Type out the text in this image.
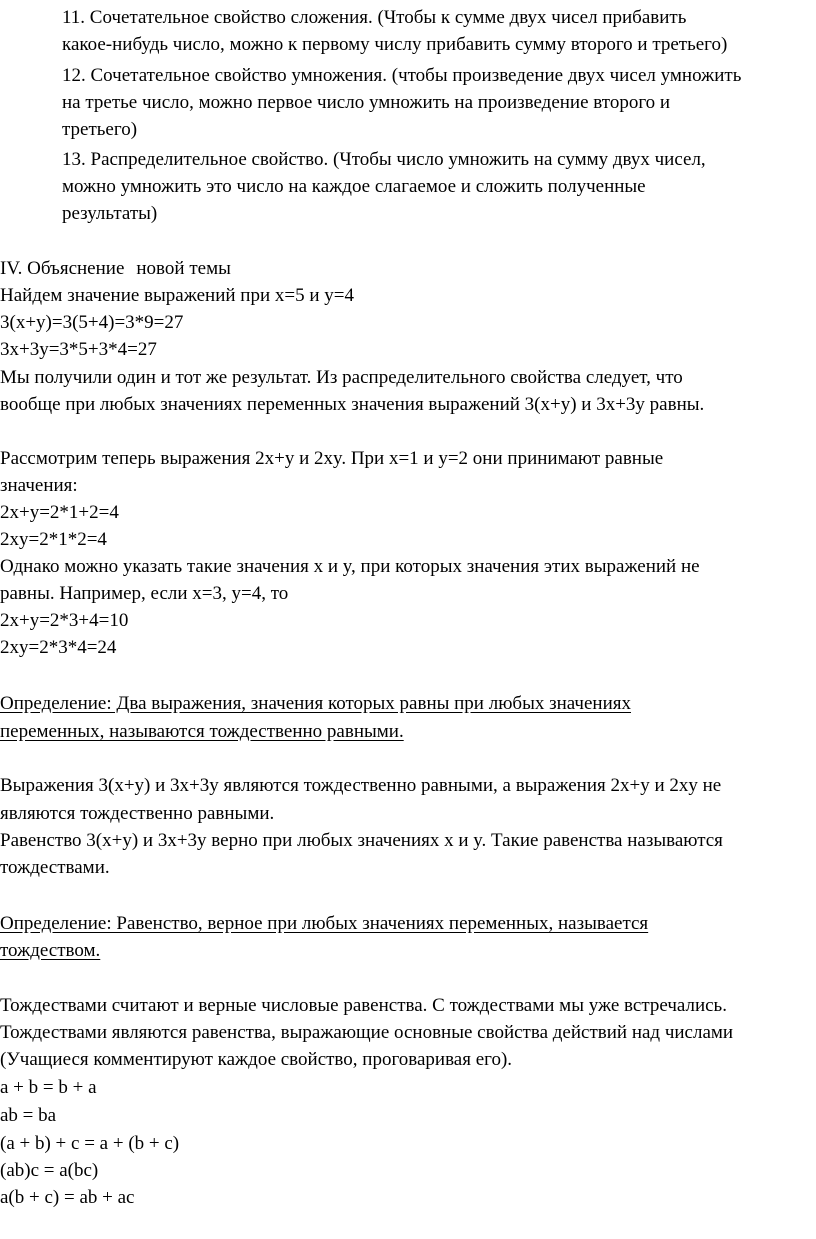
11. Сочетательное свойство сложения. (Чтобы к сумме двух чисел прибавить
какое-нибудь число, можно к первому числу прибавить сумму второго и третьего)
12. Сочетательное свойство умножения. (чтобы произведение двух чисел умножить
на третье число, можно первое число умножить на произведение второго и
третьего)
13. Распределительное свойство. (Чтобы число умножить на сумму двух чисел,
можно умножить это число на каждое слагаемое и сложить полученные
результаты)
IV. Объяснение новой темы
Найдем значение выражений при x=5 и y=4
3(x+y)=3(5+4)=3*9=27
3x+3y=3*5+3*4=27
Мы получили один и тот же результат. Из распределительного свойства следует, что
вообще при любых значениях переменных значения выражений 3(x+y) и 3x+3y равны.
Рассмотрим теперь выражения 2x+y и 2xy. При x=1 и y=2 они принимают равные
значения:
2x+y=2*1+2=4
2xy=2*1*2=4
Однако можно указать такие значения x и y, при которых значения этих выражений не
равны. Например, если x=3, y=4, то
2x+y=2*3+4=10
2xy=2*3*4=24
Определение: Два выражения, значения которых равны при любых значениях
переменных, называются тождественно равными.
Выражения 3(x+y) и 3x+3y являются тождественно равными, а выражения 2x+y и 2xy не
являются тождественно равными.
Равенство 3(x+y) и 3x+3y верно при любых значениях x и y. Такие равенства называются
тождествами.
Определение: Равенство, верное при любых значениях переменных, называется
тождеством.
Тождествами считают и верные числовые равенства. С тождествами мы уже встречались.
Тождествами являются равенства, выражающие основные свойства действий над числами
(Учащиеся комментируют каждое свойство, проговаривая его).
a + b = b + a
ab = ba
(a + b) + c = a + (b + c)
(ab)c = a(bc)
a(b + c) = ab + ac
